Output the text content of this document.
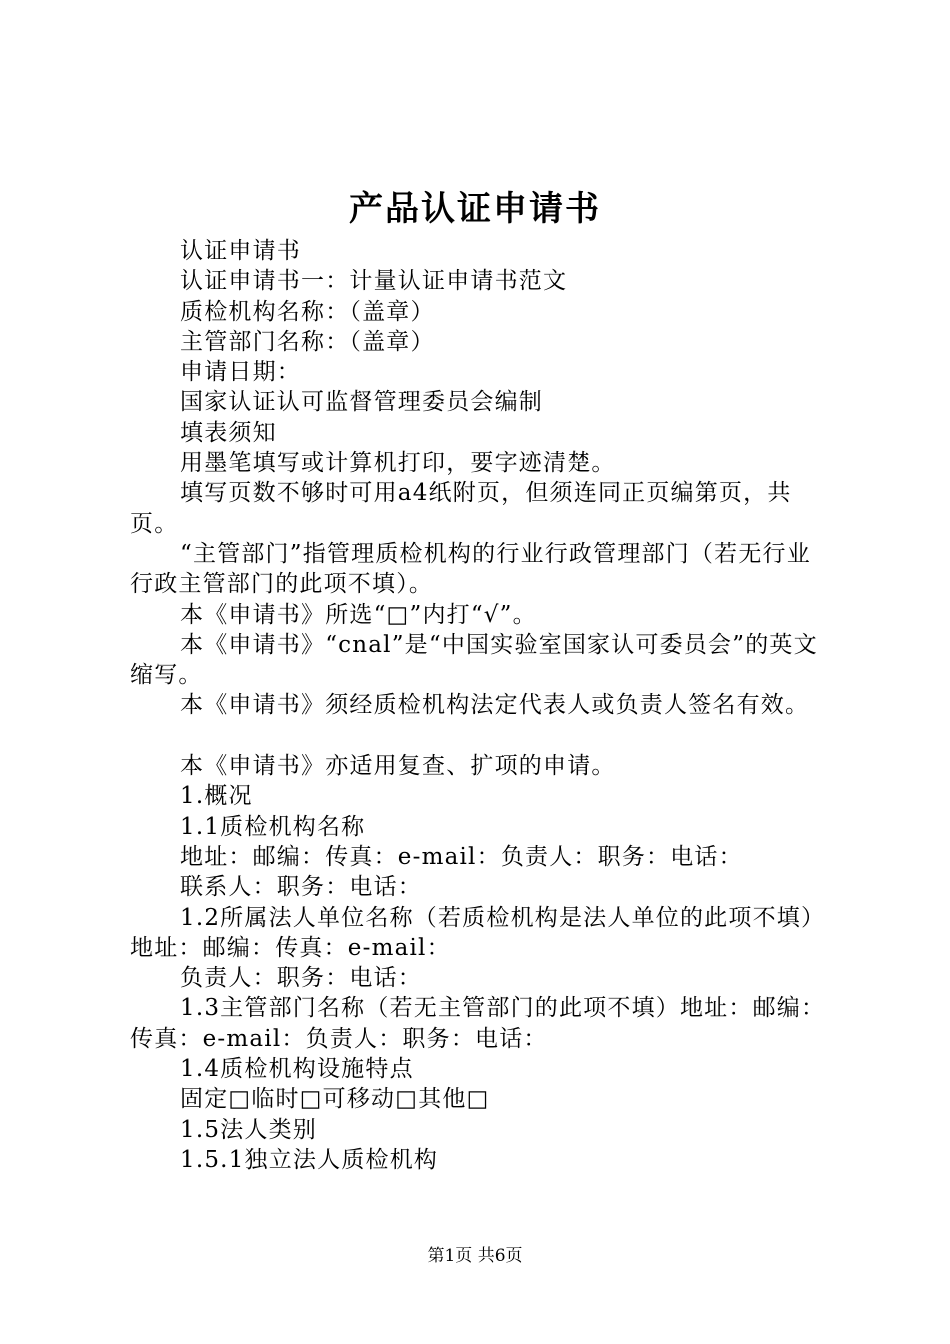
产品认证申请书

认证申请书

认证申请书一：计量认证申请书范文

质检机构名称：（盖章）

主管部门名称：（盖章）

申请日期：

国家认证认可监督管理委员会编制

填表须知

用墨笔填写或计算机打印，要字迹清楚。

填写页数不够时可用a4纸附页，但须连同正页编第页，共页。

“主管部门”指管理质检机构的行业行政管理部门（若无行业行政主管部门的此项不填）。

本《申请书》所选“□”内打“√”。

本《申请书》“cnal”是“中国实验室国家认可委员会”的英文缩写。

本《申请书》须经质检机构法定代表人或负责人签名有效。

本《申请书》亦适用复查、扩项的申请。

1.概况

1.1质检机构名称

地址：邮编：传真：e-mail：负责人：职务：电话：

联系人：职务：电话：

1.2所属法人单位名称（若质检机构是法人单位的此项不填）地址：邮编：传真：e-mail：

负责人：职务：电话：

1.3主管部门名称（若无主管部门的此项不填）地址：邮编：传真：e-mail：负责人：职务：电话：

1.4质检机构设施特点

固定□临时□可移动□其他□

1.5法人类别

1.5.1独立法人质检机构

第1页 共6页
